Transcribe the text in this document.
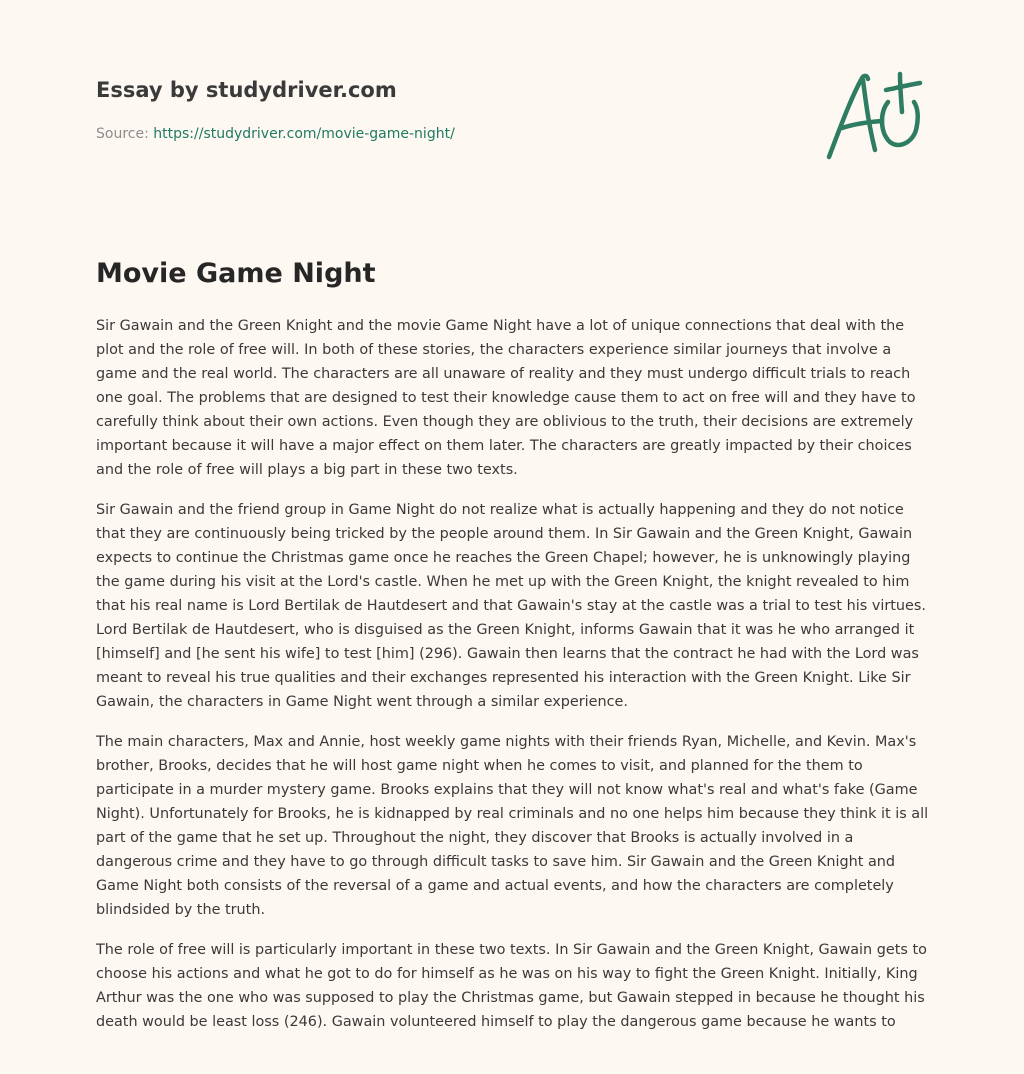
Essay by studydriver.com
Source: https://studydriver.com/movie-game-night/
Movie Game Night

Sir Gawain and the Green Knight and the movie Game Night have a lot of unique connections that deal with the plot and the role of free will. In both of these stories, the characters experience similar journeys that involve a game and the real world. The characters are all unaware of reality and they must undergo difficult trials to reach one goal. The problems that are designed to test their knowledge cause them to act on free will and they have to carefully think about their own actions. Even though they are oblivious to the truth, their decisions are extremely important because it will have a major effect on them later. The characters are greatly impacted by their choices and the role of free will plays a big part in these two texts.

Sir Gawain and the friend group in Game Night do not realize what is actually happening and they do not notice that they are continuously being tricked by the people around them. In Sir Gawain and the Green Knight, Gawain expects to continue the Christmas game once he reaches the Green Chapel; however, he is unknowingly playing the game during his visit at the Lord's castle. When he met up with the Green Knight, the knight revealed to him that his real name is Lord Bertilak de Hautdesert and that Gawain's stay at the castle was a trial to test his virtues. Lord Bertilak de Hautdesert, who is disguised as the Green Knight, informs Gawain that it was he who arranged it [himself] and [he sent his wife] to test [him] (296). Gawain then learns that the contract he had with the Lord was meant to reveal his true qualities and their exchanges represented his interaction with the Green Knight. Like Sir Gawain, the characters in Game Night went through a similar experience.

The main characters, Max and Annie, host weekly game nights with their friends Ryan, Michelle, and Kevin. Max's brother, Brooks, decides that he will host game night when he comes to visit, and planned for the them to participate in a murder mystery game. Brooks explains that they will not know what's real and what's fake (Game Night). Unfortunately for Brooks, he is kidnapped by real criminals and no one helps him because they think it is all part of the game that he set up. Throughout the night, they discover that Brooks is actually involved in a dangerous crime and they have to go through difficult tasks to save him. Sir Gawain and the Green Knight and Game Night both consists of the reversal of a game and actual events, and how the characters are completely blindsided by the truth.

The role of free will is particularly important in these two texts. In Sir Gawain and the Green Knight, Gawain gets to choose his actions and what he got to do for himself as he was on his way to fight the Green Knight. Initially, King Arthur was the one who was supposed to play the Christmas game, but Gawain stepped in because he thought his death would be least loss (246). Gawain volunteered himself to play the dangerous game because he wants to
